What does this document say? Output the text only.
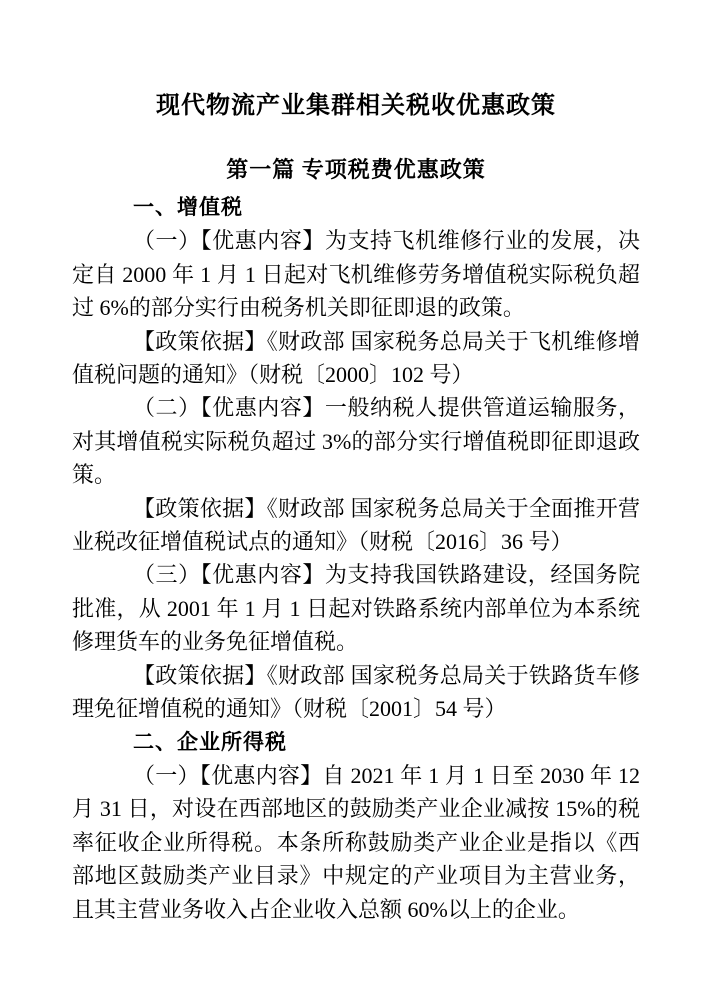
现代物流产业集群相关税收优惠政策
第一篇 专项税费优惠政策
一、增值税

（一）【优惠内容】为支持飞机维修行业的发展，决定自 2000 年 1 月 1 日起对飞机维修劳务增值税实际税负超过 6%的部分实行由税务机关即征即退的政策。

【政策依据】《财政部 国家税务总局关于飞机维修增值税问题的通知》（财税〔2000〕102 号）

（二）【优惠内容】一般纳税人提供管道运输服务，对其增值税实际税负超过 3%的部分实行增值税即征即退政策。

【政策依据】《财政部 国家税务总局关于全面推开营业税改征增值税试点的通知》（财税〔2016〕36 号）

（三）【优惠内容】为支持我国铁路建设，经国务院批准，从 2001 年 1 月 1 日起对铁路系统内部单位为本系统修理货车的业务免征增值税。

【政策依据】《财政部 国家税务总局关于铁路货车修理免征增值税的通知》（财税〔2001〕54 号）

二、企业所得税

（一）【优惠内容】自 2021 年 1 月 1 日至 2030 年 12 月 31 日，对设在西部地区的鼓励类产业企业减按 15%的税率征收企业所得税。本条所称鼓励类产业企业是指以《西部地区鼓励类产业目录》中规定的产业项目为主营业务，且其主营业务收入占企业收入总额 60%以上的企业。
